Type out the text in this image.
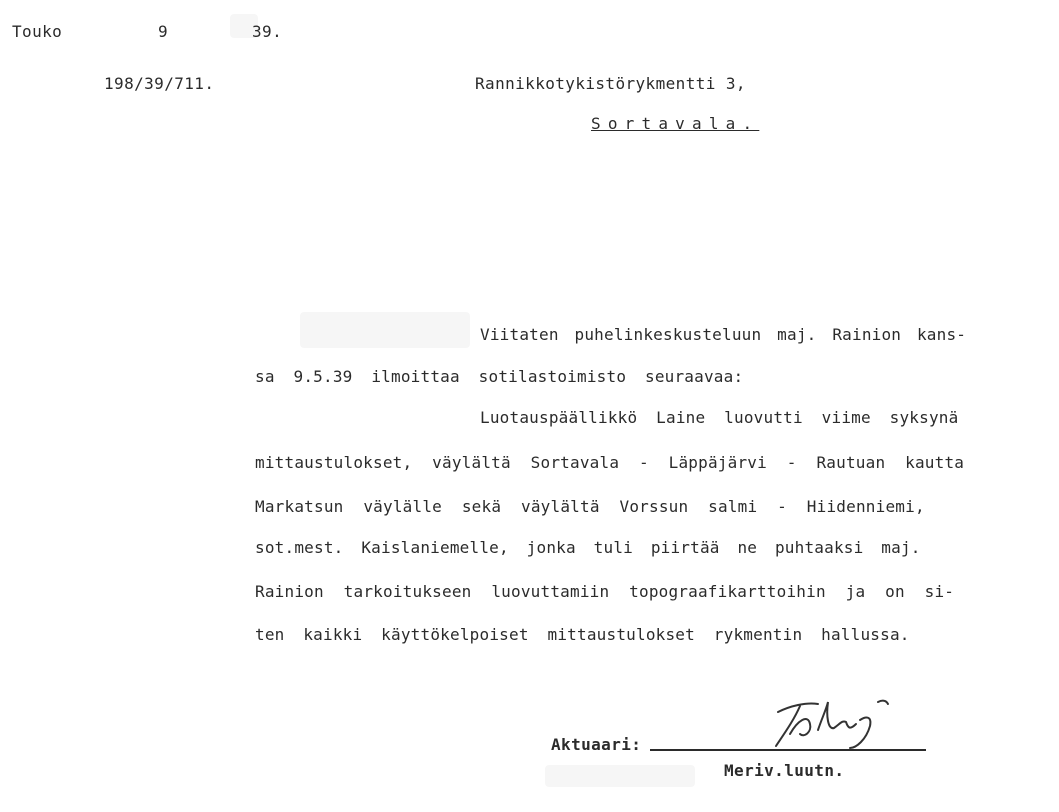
Touko	9	39.
198/39/711.	Rannikkotykistörykmentti 3,
Sortavala.
Viitaten puhelinkeskusteluun maj. Rainion kans-
sa 9.5.39 ilmoittaa sotilastoimisto seuraavaa:
Luotauspäällikkö Laine luovutti viime syksynä
mittaustulokset, väylältä Sortavala - Läppäjärvi - Rautuan kautta
Markatsun väylälle sekä väylältä Vorssun salmi - Hiidenniemi,
sot.mest. Kaislaniemelle, jonka tuli piirtää ne puhtaaksi maj.
Rainion tarkoitukseen luovuttamiin topograafikarttoihin ja on si-
ten kaikki käyttökelpoiset mittaustulokset rykmentin hallussa.
Aktuaari:
Meriv.luutn.
